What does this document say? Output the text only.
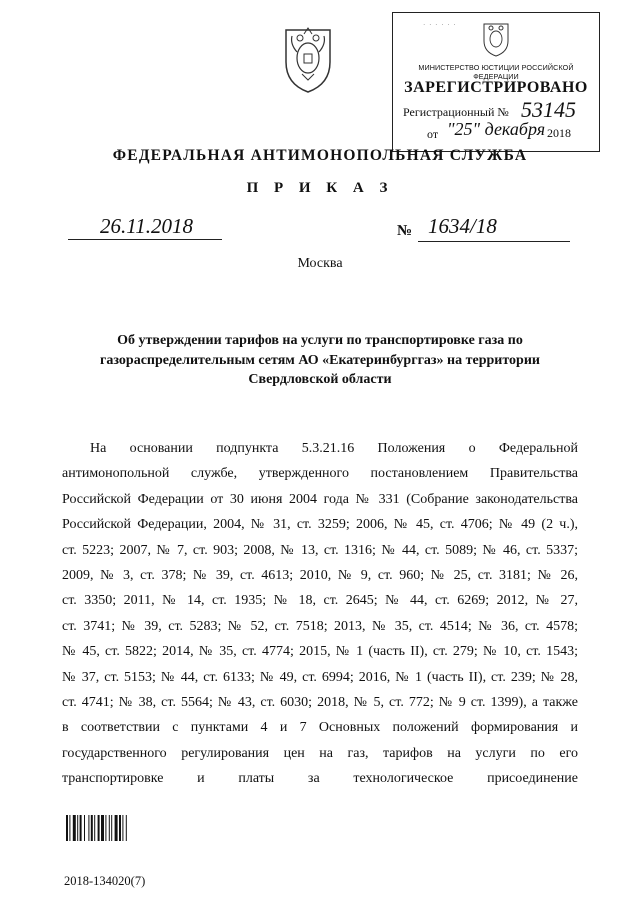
· · · · · ·
МИНИСТЕРСТВО ЮСТИЦИИ РОССИЙСКОЙ ФЕДЕРАЦИИ
ЗАРЕГИСТРИРОВАНО
Регистрационный № 53145
от "25" декабря 2018
ФЕДЕРАЛЬНАЯ АНТИМОНОПОЛЬНАЯ СЛУЖБА
П Р И К А З
26.11.2018	№ 1634/18
Москва
Об утверждении тарифов на услуги по транспортировке газа по газораспределительным сетям АО «Екатеринбурггаз» на территории Свердловской области
На основании подпункта 5.3.21.16 Положения о Федеральной
антимонопольной службе, утвержденного постановлением Правительства
Российской Федерации от 30 июня 2004 года № 331 (Собрание законодательства
Российской Федерации, 2004, № 31, ст. 3259; 2006, № 45, ст. 4706; № 49 (2 ч.),
ст. 5223; 2007, № 7, ст. 903; 2008, № 13, ст. 1316; № 44, ст. 5089; № 46, ст. 5337;
2009, № 3, ст. 378; № 39, ст. 4613; 2010, № 9, ст. 960; № 25, ст. 3181; № 26,
ст. 3350; 2011, № 14, ст. 1935; № 18, ст. 2645; № 44, ст. 6269; 2012, № 27,
ст. 3741; № 39, ст. 5283; № 52, ст. 7518; 2013, № 35, ст. 4514; № 36, ст. 4578;
№ 45, ст. 5822; 2014, № 35, ст. 4774; 2015, № 1 (часть II), ст. 279; № 10, ст. 1543;
№ 37, ст. 5153; № 44, ст. 6133; № 49, ст. 6994; 2016, № 1 (часть II), ст. 239; № 28,
ст. 4741; № 38, ст. 5564; № 43, ст. 6030; 2018, № 5, ст. 772; № 9 ст. 1399), а также
в соответствии с пунктами 4 и 7 Основных положений формирования и
государственного регулирования цен на газ, тарифов на услуги по его
транспортировке и платы за технологическое присоединение
2018-134020(7)
